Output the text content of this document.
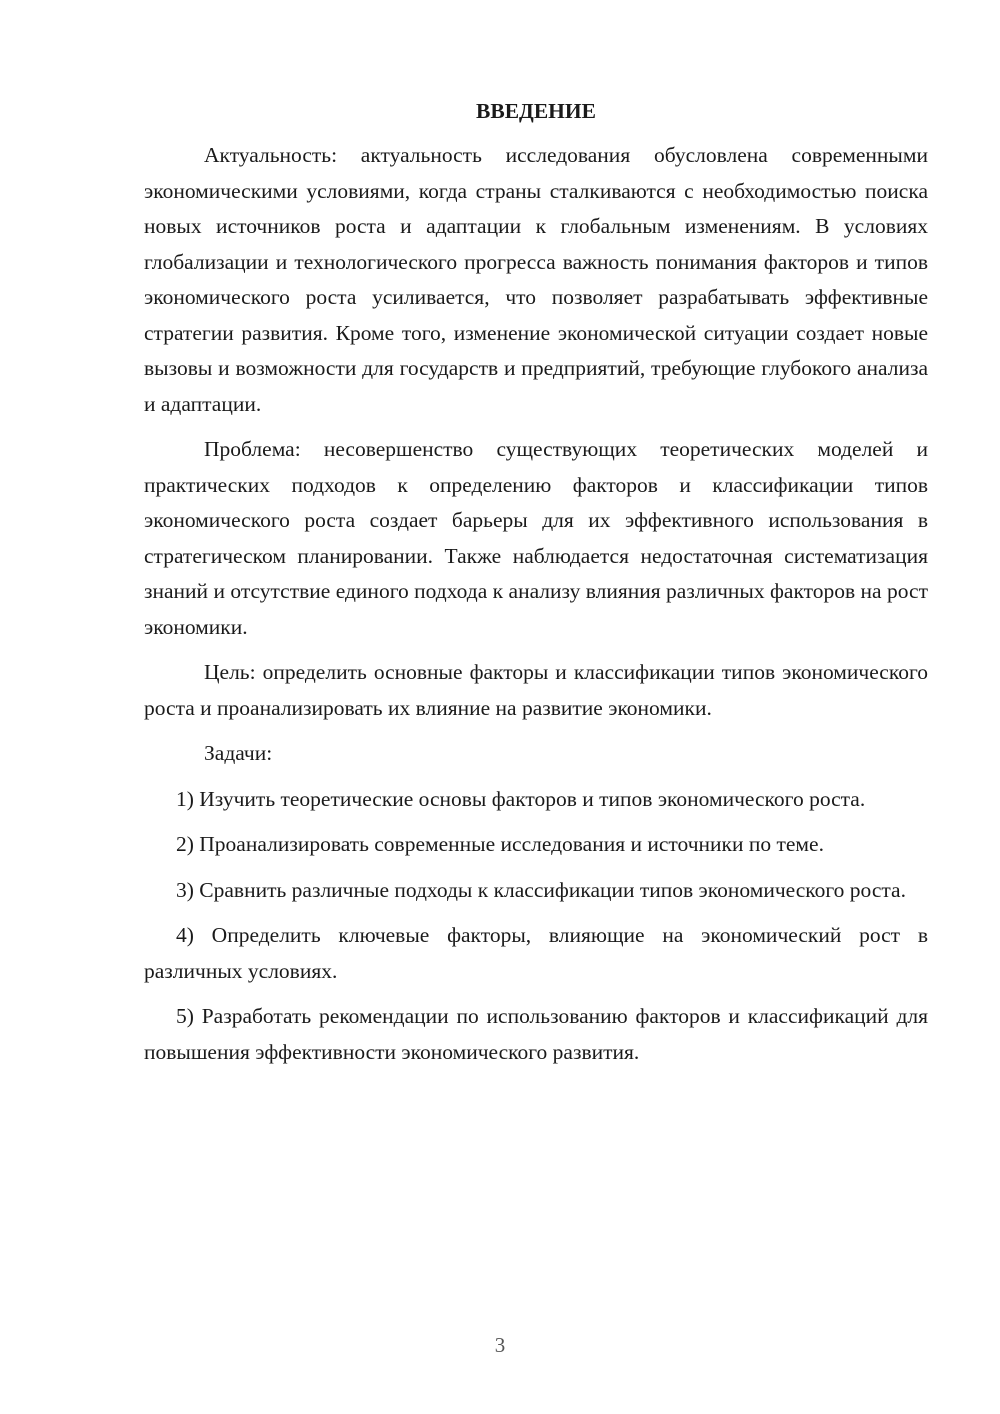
ВВЕДЕНИЕ

Актуальность: актуальность исследования обусловлена современными экономическими условиями, когда страны сталкиваются с необходимостью поиска новых источников роста и адаптации к глобальным изменениям. В условиях глобализации и технологического прогресса важность понимания факторов и типов экономического роста усиливается, что позволяет разрабатывать эффективные стратегии развития. Кроме того, изменение экономической ситуации создает новые вызовы и возможности для государств и предприятий, требующие глубокого анализа и адаптации.

Проблема: несовершенство существующих теоретических моделей и практических подходов к определению факторов и классификации типов экономического роста создает барьеры для их эффективного использования в стратегическом планировании. Также наблюдается недостаточная систематизация знаний и отсутствие единого подхода к анализу влияния различных факторов на рост экономики.

Цель: определить основные факторы и классификации типов экономического роста и проанализировать их влияние на развитие экономики.

Задачи:

1) Изучить теоретические основы факторов и типов экономического роста.

2) Проанализировать современные исследования и источники по теме.

3) Сравнить различные подходы к классификации типов экономического роста.

4) Определить ключевые факторы, влияющие на экономический рост в различных условиях.

5) Разработать рекомендации по использованию факторов и классификаций для повышения эффективности экономического развития.

3
